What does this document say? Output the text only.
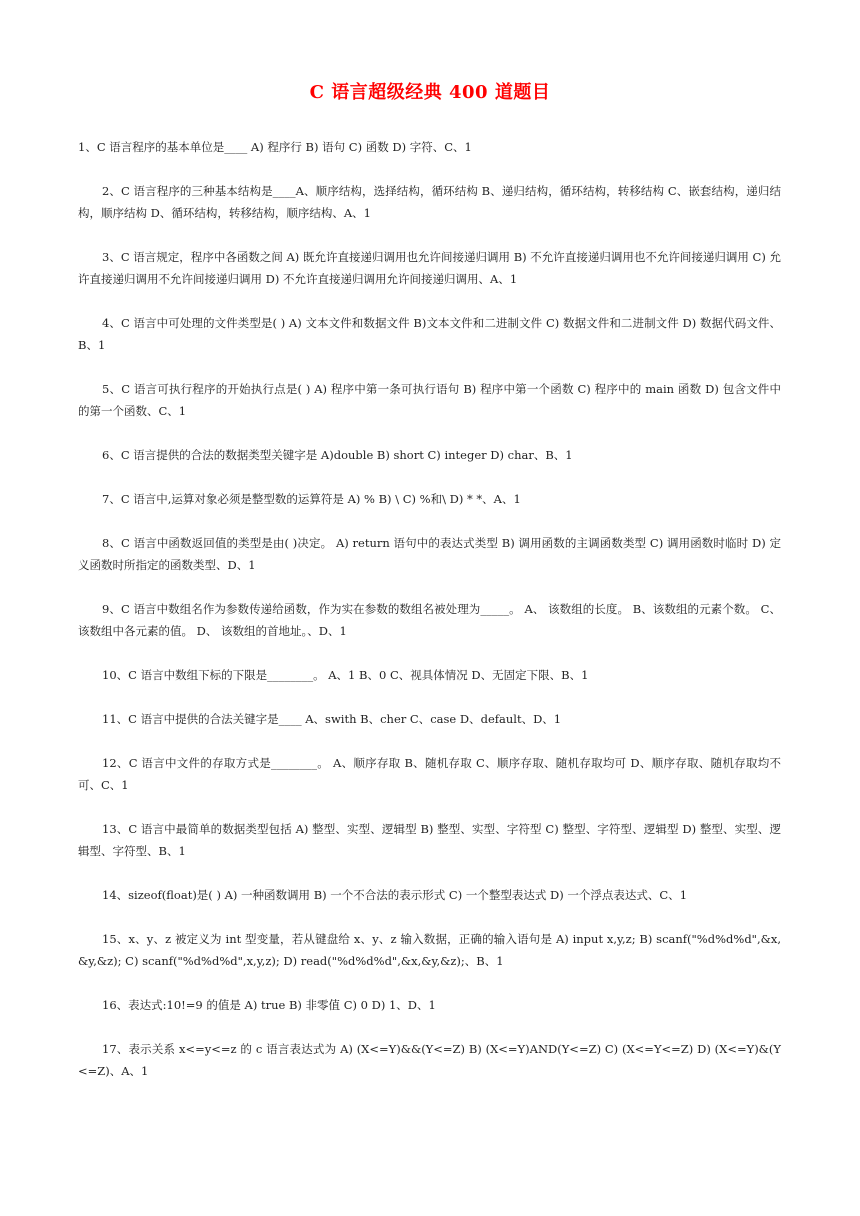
C 语言超级经典 400 道题目

1、C 语言程序的基本单位是____ A) 程序行 B) 语句 C) 函数 D) 字符、C、1

2、C 语言程序的三种基本结构是____A、顺序结构，选择结构，循环结构 B、递归结构，循环结构，转移结构 C、嵌套结构，递归结构，顺序结构 D、循环结构，转移结构，顺序结构、A、1

3、C 语言规定，程序中各函数之间 A) 既允许直接递归调用也允许间接递归调用 B) 不允许直接递归调用也不允许间接递归调用 C) 允许直接递归调用不允许间接递归调用 D) 不允许直接递归调用允许间接递归调用、A、1

4、C 语言中可处理的文件类型是( ) A) 文本文件和数据文件 B)文本文件和二进制文件 C) 数据文件和二进制文件 D) 数据代码文件、B、1

5、C 语言可执行程序的开始执行点是( ) A) 程序中第一条可执行语句 B) 程序中第一个函数 C) 程序中的 main 函数 D) 包含文件中的第一个函数、C、1

6、C 语言提供的合法的数据类型关键字是 A)double B) short C) integer D) char、B、1

7、C 语言中,运算对象必须是整型数的运算符是 A) % B) \ C) %和\ D) * *、A、1

8、C 语言中函数返回值的类型是由( )决定。 A) return 语句中的表达式类型 B) 调用函数的主调函数类型 C) 调用函数时临时 D) 定义函数时所指定的函数类型、D、1

9、C 语言中数组名作为参数传递给函数，作为实在参数的数组名被处理为_____。 A、 该数组的长度。 B、该数组的元素个数。 C、 该数组中各元素的值。 D、 该数组的首地址。、D、1

10、C 语言中数组下标的下限是________。 A、1 B、0 C、视具体情况 D、无固定下限、B、1

11、C 语言中提供的合法关键字是____ A、swith B、cher C、case D、default、D、1

12、C 语言中文件的存取方式是________。 A、顺序存取 B、随机存取 C、顺序存取、随机存取均可 D、顺序存取、随机存取均不可、C、1

13、C 语言中最简单的数据类型包括 A) 整型、实型、逻辑型 B) 整型、实型、字符型 C) 整型、字符型、逻辑型 D) 整型、实型、逻辑型、字符型、B、1

14、sizeof(float)是( ) A) 一种函数调用 B) 一个不合法的表示形式 C) 一个整型表达式 D) 一个浮点表达式、C、1

15、x、y、z 被定义为 int 型变量，若从键盘给 x、y、z 输入数据，正确的输入语句是 A) input x,y,z; B) scanf("%d%d%d",&x,&y,&z); C) scanf("%d%d%d",x,y,z); D) read("%d%d%d",&x,&y,&z);、B、1

16、表达式:10!=9 的值是 A) true B) 非零值 C) 0 D) 1、D、1

17、表示关系 x<=y<=z 的 c 语言表达式为 A) (X<=Y)&&(Y<=Z) B) (X<=Y)AND(Y<=Z) C) (X<=Y<=Z) D) (X<=Y)&(Y<=Z)、A、1
